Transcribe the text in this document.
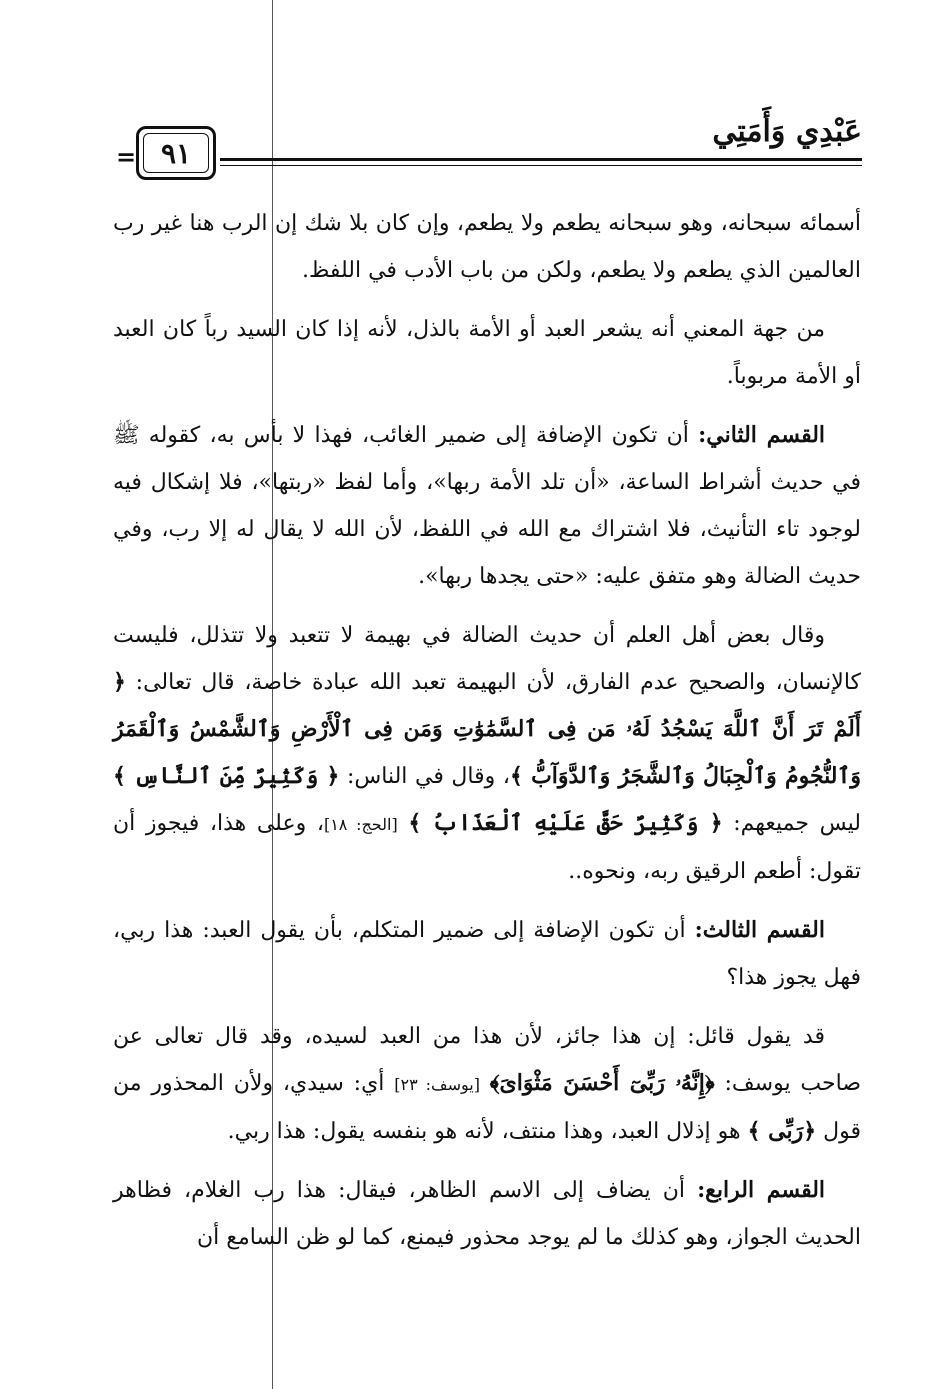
عَبْدِي وَأَمَتِي
٩١
=

أسمائه سبحانه، وهو سبحانه يطعم ولا يطعم، وإن كان بلا شك إن الرب هنا غير رب العالمين الذي يطعم ولا يطعم، ولكن من باب الأدب في اللفظ.

من جهة المعني أنه يشعر العبد أو الأمة بالذل، لأنه إذا كان السيد رباً كان العبد أو الأمة مربوباً.

القسم الثاني: أن تكون الإضافة إلى ضمير الغائب، فهذا لا بأس به، كقوله ﷺ في حديث أشراط الساعة، «أن تلد الأمة ربها»، وأما لفظ «ربتها»، فلا إشكال فيه لوجود تاء التأنيث، فلا اشتراك مع الله في اللفظ، لأن الله لا يقال له إلا رب، وفي حديث الضالة وهو متفق عليه: «حتى يجدها ربها».

وقال بعض أهل العلم أن حديث الضالة في بهيمة لا تتعبد ولا تتذلل، فليست كالإنسان، والصحيح عدم الفارق، لأن البهيمة تعبد الله عبادة خاصة، قال تعالى: ﴿ أَلَمْ تَرَ أَنَّ ٱللَّهَ يَسْجُدُ لَهُۥ مَن فِى ٱلسَّمَٰوَٰتِ وَمَن فِى ٱلْأَرْضِ وَٱلشَّمْسُ وَٱلْقَمَرُ وَٱلنُّجُومُ وَٱلْجِبَالُ وَٱلشَّجَرُ وَٱلدَّوَآبُّ ﴾، وقال في الناس: ﴿ وَكَثِيرٌ مِّنَ ٱلنَّاسِ ﴾ ليس جميعهم: ﴿ وَكَثِيرٌ حَقَّ عَلَيْهِ ٱلْعَذَابُ ﴾ [الحج: ١٨]، وعلى هذا، فيجوز أن تقول: أطعم الرقيق ربه، ونحوه..

القسم الثالث: أن تكون الإضافة إلى ضمير المتكلم، بأن يقول العبد: هذا ربي، فهل يجوز هذا؟

قد يقول قائل: إن هذا جائز، لأن هذا من العبد لسيده، وقد قال تعالى عن صاحب يوسف: ﴿إِنَّهُۥ رَبِّىٓ أَحْسَنَ مَثْوَاىَ﴾ [يوسف: ٢٣] أي: سيدي، ولأن المحذور من قول ﴿رَبِّى ﴾ هو إذلال العبد، وهذا منتف، لأنه هو بنفسه يقول: هذا ربي.

القسم الرابع: أن يضاف إلى الاسم الظاهر، فيقال: هذا رب الغلام، فظاهر الحديث الجواز، وهو كذلك ما لم يوجد محذور فيمنع، كما لو ظن السامع أن
